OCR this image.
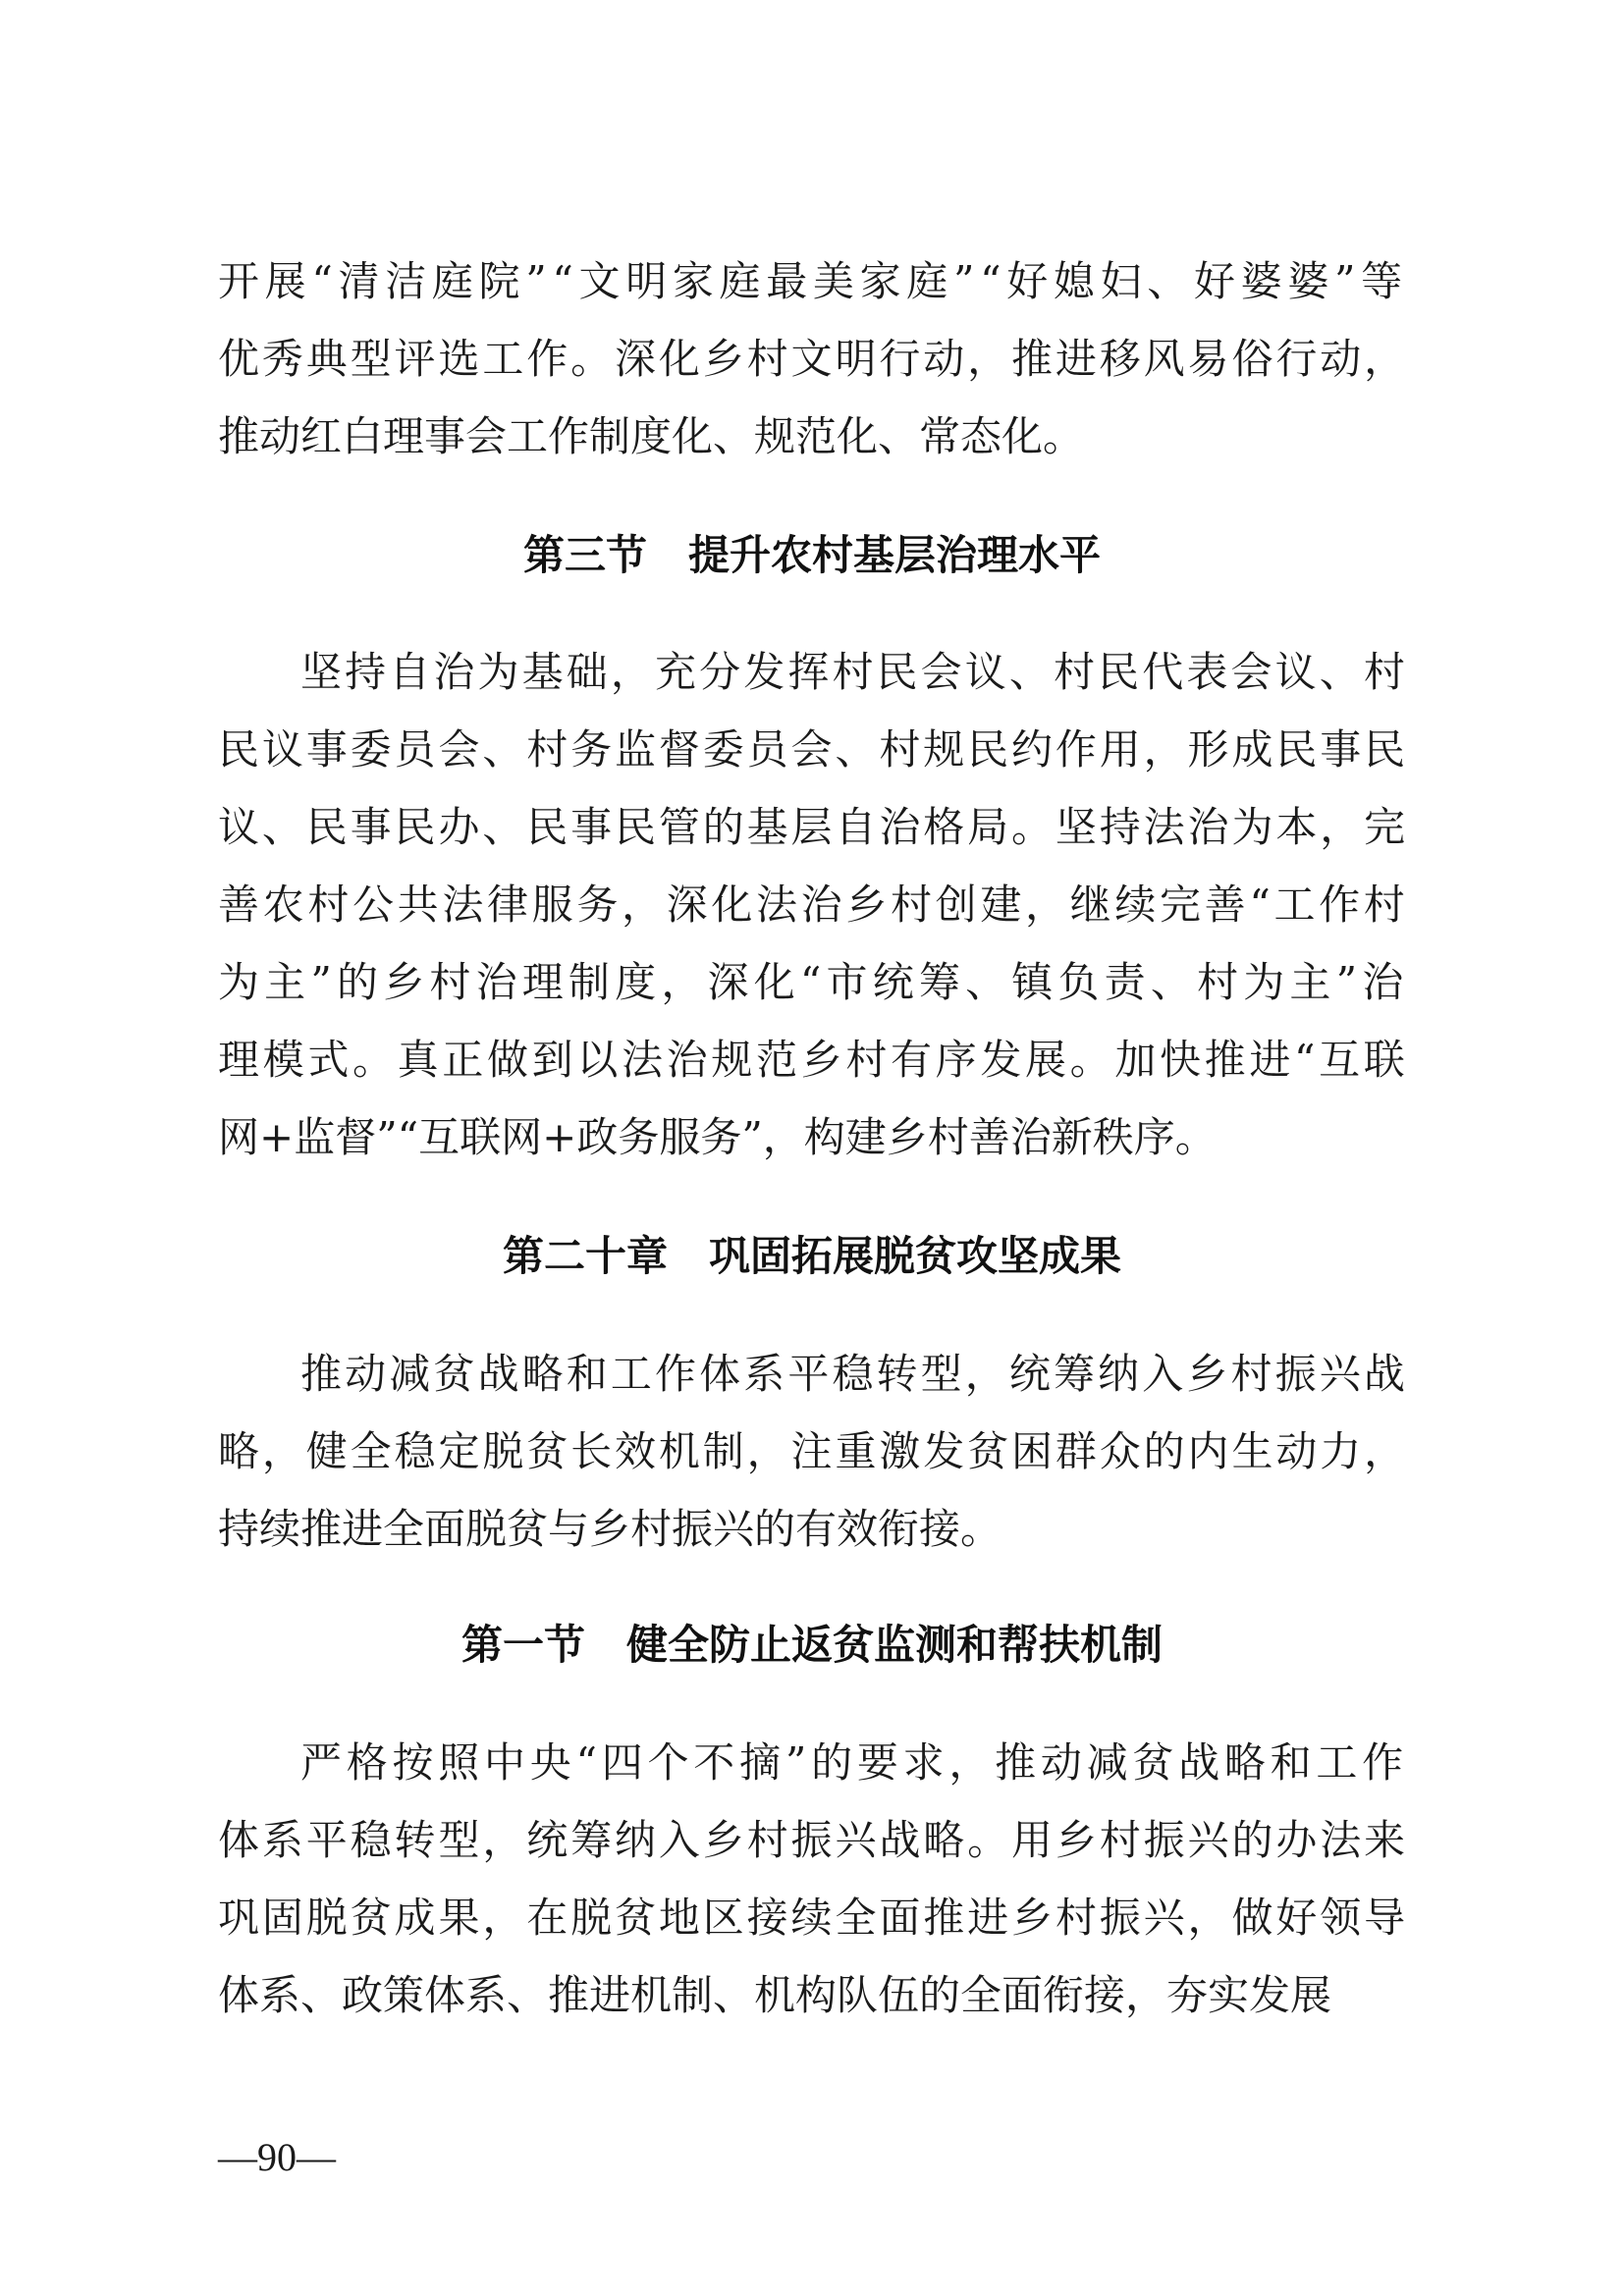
开展“清洁庭院”“文明家庭最美家庭”“好媳妇、好婆婆”等
优秀典型评选工作。深化乡村文明行动，推进移风易俗行动，
推动红白理事会工作制度化、规范化、常态化。
第三节 提升农村基层治理水平
坚持自治为基础，充分发挥村民会议、村民代表会议、村
民议事委员会、村务监督委员会、村规民约作用，形成民事民
议、民事民办、民事民管的基层自治格局。坚持法治为本，完
善农村公共法律服务，深化法治乡村创建，继续完善“工作村
为主”的乡村治理制度，深化“市统筹、镇负责、村为主”治
理模式。真正做到以法治规范乡村有序发展。加快推进“互联
网+监督”“互联网+政务服务”，构建乡村善治新秩序。
第二十章 巩固拓展脱贫攻坚成果
推动减贫战略和工作体系平稳转型，统筹纳入乡村振兴战
略，健全稳定脱贫长效机制，注重激发贫困群众的内生动力，
持续推进全面脱贫与乡村振兴的有效衔接。
第一节 健全防止返贫监测和帮扶机制
严格按照中央“四个不摘”的要求，推动减贫战略和工作
体系平稳转型，统筹纳入乡村振兴战略。用乡村振兴的办法来
巩固脱贫成果，在脱贫地区接续全面推进乡村振兴，做好领导
体系、政策体系、推进机制、机构队伍的全面衔接，夯实发展
—90—
